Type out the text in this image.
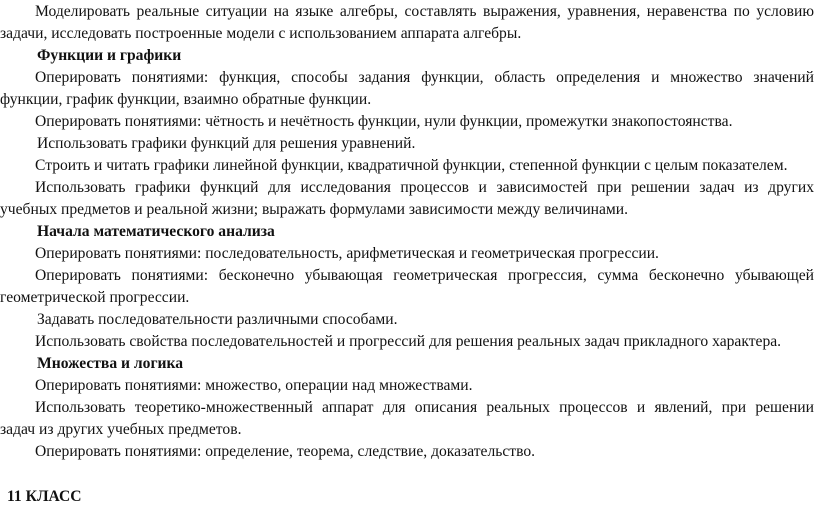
Моделировать реальные ситуации на языке алгебры, составлять выражения, уравнения, неравенства по условию
задачи, исследовать построенные модели с использованием аппарата алгебры.
Функции и графики
Оперировать понятиями: функция, способы задания функции, область определения и множество значений
функции, график функции, взаимно обратные функции.
Оперировать понятиями: чётность и нечётность функции, нули функции, промежутки знакопостоянства.
Использовать графики функций для решения уравнений.
Строить и читать графики линейной функции, квадратичной функции, степенной функции с целым показателем.
Использовать графики функций для исследования процессов и зависимостей при решении задач из других
учебных предметов и реальной жизни; выражать формулами зависимости между величинами.
Начала математического анализа
Оперировать понятиями: последовательность, арифметическая и геометрическая прогрессии.
Оперировать понятиями: бесконечно убывающая геометрическая прогрессия, сумма бесконечно убывающей
геометрической прогрессии.
Задавать последовательности различными способами.
Использовать свойства последовательностей и прогрессий для решения реальных задач прикладного характера.
Множества и логика
Оперировать понятиями: множество, операции над множествами.
Использовать теоретико-множественный аппарат для описания реальных процессов и явлений, при решении
задач из других учебных предметов.
Оперировать понятиями: определение, теорема, следствие, доказательство.
11 КЛАСС
